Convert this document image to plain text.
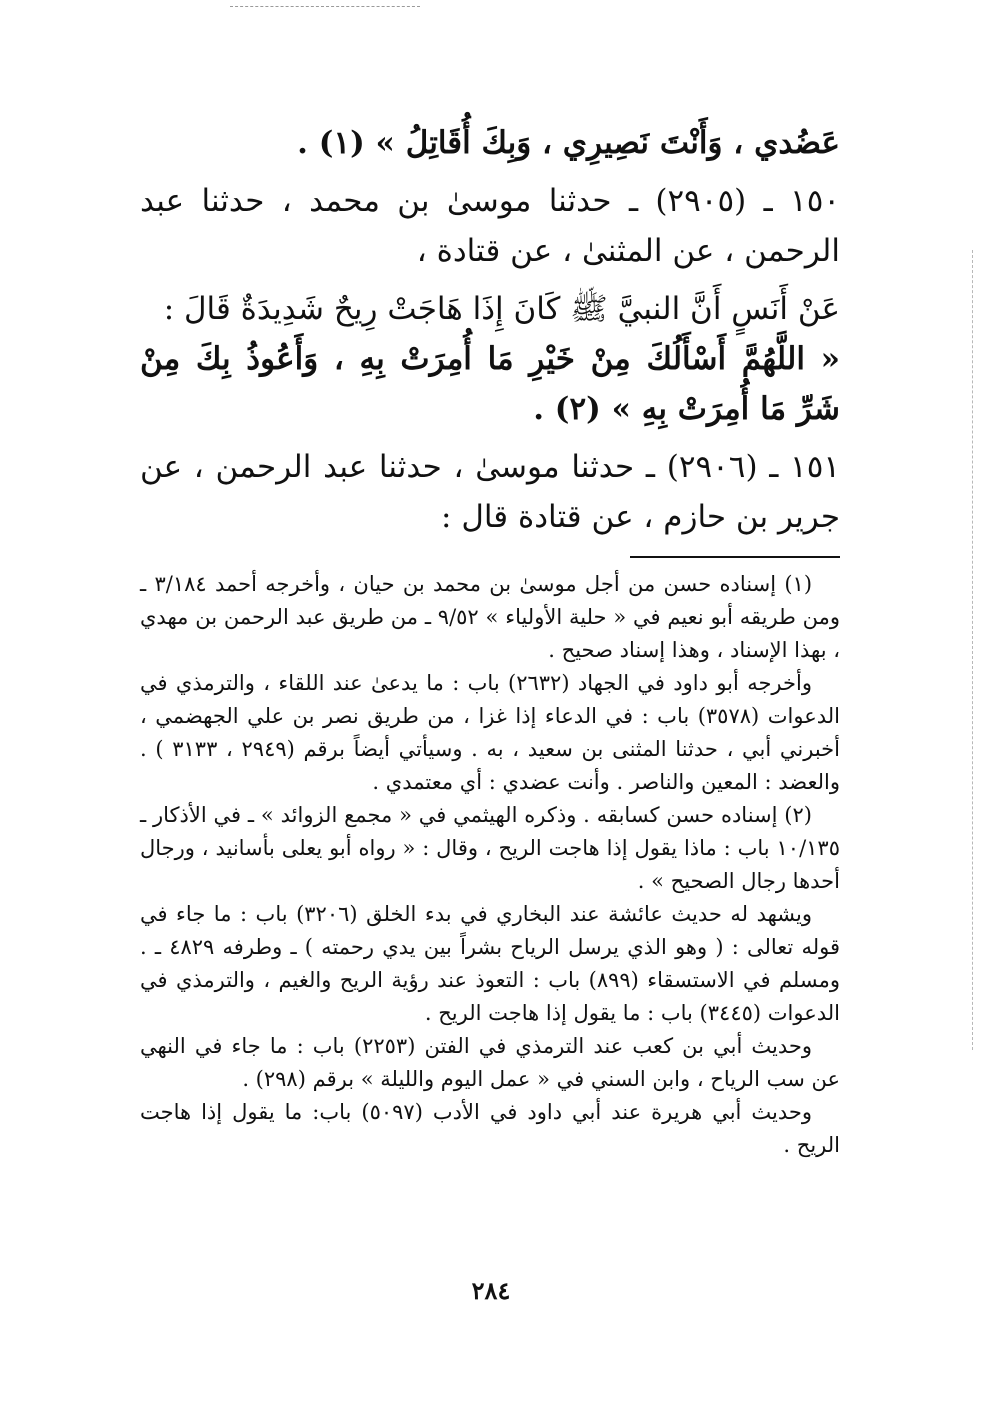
عَضُدي ، وَأَنْتَ نَصِيرِي ، وَبِكَ أُقَاتِلُ » (١) .

١٥٠ ـ (٢٩٠٥) ـ حدثنا موسىٰ بن محمد ، حدثنا عبد الرحمن ، عن المثنىٰ ، عن قتادة ،

عَنْ أَنَسٍ أَنَّ النبيَّ ﷺ كَانَ إِذَا هَاجَتْ رِيحٌ شَدِيدَةٌ قَالَ :

« اللَّهُمَّ أَسْأَلُكَ مِنْ خَيْرِ مَا أُمِرَتْ بِهِ ، وَأَعُوذُ بِكَ مِنْ شَرِّ مَا أُمِرَتْ بِهِ » (٢) .

١٥١ ـ (٢٩٠٦) ـ حدثنا موسىٰ ، حدثنا عبد الرحمن ، عن جرير بن حازم ، عن قتادة قال :

(١) إسناده حسن من أجل موسىٰ بن محمد بن حيان ، وأخرجه أحمد ٣/١٨٤ ـ ومن طريقه أبو نعيم في « حلية الأولياء » ٩/٥٢ ـ من طريق عبد الرحمن بن مهدي ، بهذا الإسناد ، وهذا إسناد صحيح .

وأخرجه أبو داود في الجهاد (٢٦٣٢) باب : ما يدعىٰ عند اللقاء ، والترمذي في الدعوات (٣٥٧٨) باب : في الدعاء إذا غزا ، من طريق نصر بن علي الجهضمي ، أخبرني أبي ، حدثنا المثنى بن سعيد ، به . وسيأتي أيضاً برقم (٢٩٤٩ ، ٣١٣٣ ) . والعضد : المعين والناصر . وأنت عضدي : أي معتمدي .

(٢) إسناده حسن كسابقه . وذكره الهيثمي في « مجمع الزوائد » ـ في الأذكار ـ ١٠/١٣٥ باب : ماذا يقول إذا هاجت الريح ، وقال : « رواه أبو يعلى بأسانيد ، ورجال أحدها رجال الصحيح » .

ويشهد له حديث عائشة عند البخاري في بدء الخلق (٣٢٠٦) باب : ما جاء في قوله تعالى : ( وهو الذي يرسل الرياح بشراً بين يدي رحمته ) ـ وطرفه ٤٨٢٩ ـ . ومسلم في الاستسقاء (٨٩٩) باب : التعوذ عند رؤية الريح والغيم ، والترمذي في الدعوات (٣٤٤٥) باب : ما يقول إذا هاجت الريح .

وحديث أبي بن كعب عند الترمذي في الفتن (٢٢٥٣) باب : ما جاء في النهي عن سب الرياح ، وابن السني في « عمل اليوم والليلة » برقم (٢٩٨) .

وحديث أبي هريرة عند أبي داود في الأدب (٥٠٩٧) باب: ما يقول إذا هاجت الريح .

٢٨٤
